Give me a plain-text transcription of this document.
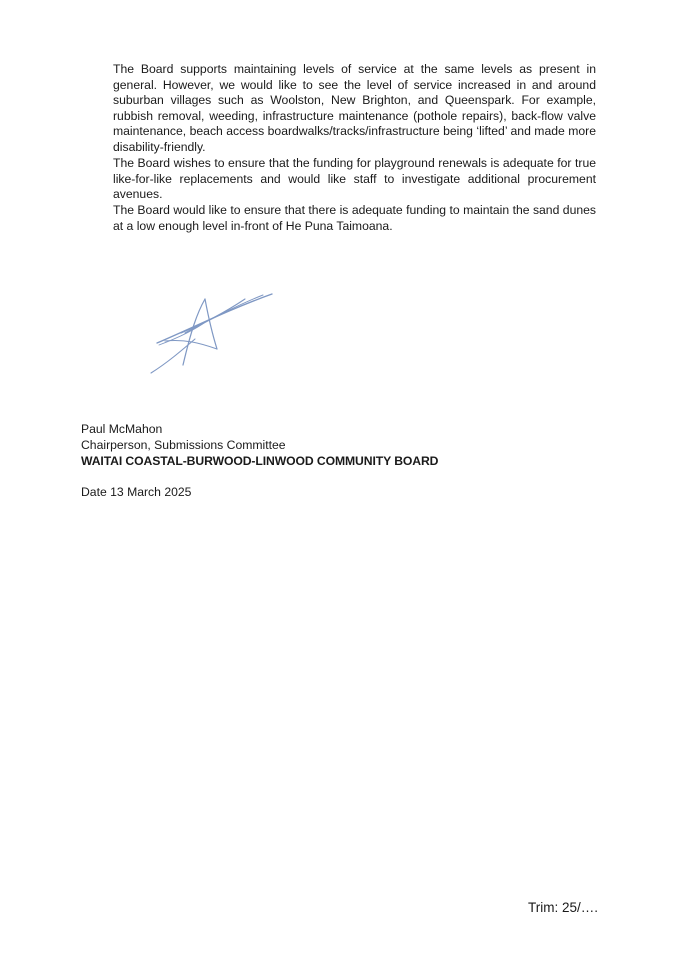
The Board supports maintaining levels of service at the same levels as present in general. However, we would like to see the level of service increased in and around suburban villages such as Woolston, New Brighton, and Queenspark. For example, rubbish removal, weeding, infrastructure maintenance (pothole repairs), back-flow valve maintenance, beach access boardwalks/tracks/infrastructure being ‘lifted’ and made more disability-friendly.

The Board wishes to ensure that the funding for playground renewals is adequate for true like-for-like replacements and would like staff to investigate additional procurement avenues.

The Board would like to ensure that there is adequate funding to maintain the sand dunes at a low enough level in-front of He Puna Taimoana.

Paul McMahon
Chairperson, Submissions Committee
WAITAI COASTAL-BURWOOD-LINWOOD COMMUNITY BOARD
Date 13 March 2025
Trim: 25/….
